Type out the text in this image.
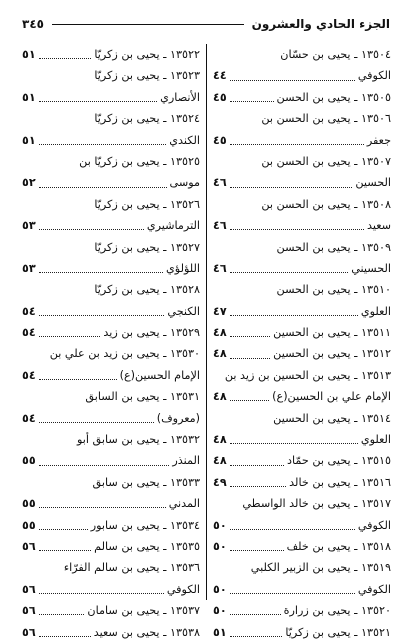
الجزء الحادي والعشرون
٣٤٥
١٣٥٠٤ ـ يحيى بن حسّان
الكوفي
٤٤
١٣٥٠٥ ـ يحيى بن الحسن
٤٥
١٣٥٠٦ ـ يحيى بن الحسن بن
جعفر
٤٥
١٣٥٠٧ ـ يحيى بن الحسن بن
الحسين
٤٦
١٣٥٠٨ ـ يحيى بن الحسن بن
سعيد
٤٦
١٣٥٠٩ ـ يحيى بن الحسن
الحسيني
٤٦
١٣٥١٠ ـ يحيى بن الحسن
العلوي
٤٧
١٣٥١١ ـ يحيى بن الحسين
٤٨
١٣٥١٢ ـ يحيى بن الحسين
٤٨
١٣٥١٣ ـ يحيى بن الحسين بن زيد بن
الإمام علي بن الحسين(ع)
٤٨
١٣٥١٤ ـ يحيى بن الحسين
العلوي
٤٨
١٣٥١٥ ـ يحيى بن حمّاد
٤٨
١٣٥١٦ ـ يحيى بن خالد
٤٩
١٣٥١٧ ـ يحيى بن خالد الواسطي
الكوفي
٥٠
١٣٥١٨ ـ يحيى بن خلف
٥٠
١٣٥١٩ ـ يحيى بن الزبير الكلبي
الكوفي
٥٠
١٣٥٢٠ ـ يحيى بن زرارة
٥٠
١٣٥٢١ ـ يحيى بن زكريّا
٥١
١٣٥٢٢ ـ يحيى بن زكريّا
٥١
١٣٥٢٣ ـ يحيى بن زكريّا
الأنصاري
٥١
١٣٥٢٤ ـ يحيى بن زكريّا
الكندي
٥١
١٣٥٢٥ ـ يحيى بن زكريّا بن
موسى
٥٢
١٣٥٢٦ ـ يحيى بن زكريّا
الترماشيري
٥٣
١٣٥٢٧ ـ يحيى بن زكريّا
اللؤلؤي
٥٣
١٣٥٢٨ ـ يحيى بن زكريّا
الكنجي
٥٤
١٣٥٢٩ ـ يحيى بن زيد
٥٤
١٣٥٣٠ ـ يحيى بن زيد بن علي بن
الإمام الحسين(ع)
٥٤
١٣٥٣١ ـ يحيى بن السابق
(معروف)
٥٤
١٣٥٣٢ ـ يحيى بن سابق أبو
المنذر
٥٥
١٣٥٣٣ ـ يحيى بن سابق
المدني
٥٥
١٣٥٣٤ ـ يحيى بن سابور
٥٥
١٣٥٣٥ ـ يحيى بن سالم
٥٦
١٣٥٣٦ ـ يحيى بن سالم الفرّاء
الكوفي
٥٦
١٣٥٣٧ ـ يحيى بن سامان
٥٦
١٣٥٣٨ ـ يحيى بن سعيد
٥٦
